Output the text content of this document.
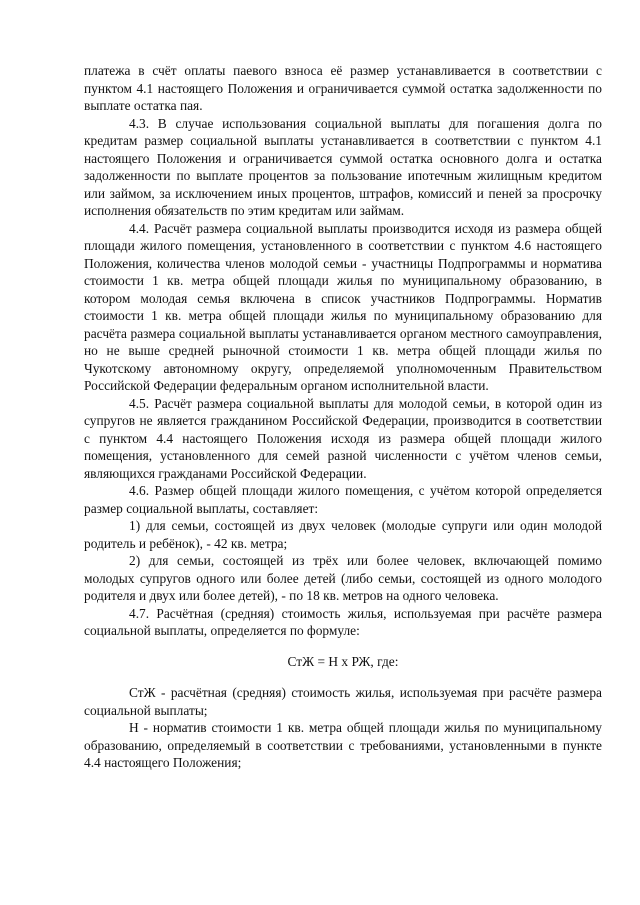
платежа в счёт оплаты паевого взноса её размер устанавливается в соответствии с пунктом 4.1 настоящего Положения и ограничивается суммой остатка задолженности по выплате остатка пая.

4.3. В случае использования социальной выплаты для погашения долга по кредитам размер социальной выплаты устанавливается в соответствии с пунктом 4.1 настоящего Положения и ограничивается суммой остатка основного долга и остатка задолженности по выплате процентов за пользование ипотечным жилищным кредитом или займом, за исключением иных процентов, штрафов, комиссий и пеней за просрочку исполнения обязательств по этим кредитам или займам.

4.4. Расчёт размера социальной выплаты производится исходя из размера общей площади жилого помещения, установленного в соответствии с пунктом 4.6 настоящего Положения, количества членов молодой семьи - участницы Подпрограммы и норматива стоимости 1 кв. метра общей площади жилья по муниципальному образованию, в котором молодая семья включена в список участников Подпрограммы. Норматив стоимости 1 кв. метра общей площади жилья по муниципальному образованию для расчёта размера социальной выплаты устанавливается органом местного самоуправления, но не выше средней рыночной стоимости 1 кв. метра общей площади жилья по Чукотскому автономному округу, определяемой уполномоченным Правительством Российской Федерации федеральным органом исполнительной власти.

4.5. Расчёт размера социальной выплаты для молодой семьи, в которой один из супругов не является гражданином Российской Федерации, производится в соответствии с пунктом 4.4 настоящего Положения исходя из размера общей площади жилого помещения, установленного для семей разной численности с учётом членов семьи, являющихся гражданами Российской Федерации.

4.6. Размер общей площади жилого помещения, с учётом которой определяется размер социальной выплаты, составляет:

1) для семьи, состоящей из двух человек (молодые супруги или один молодой родитель и ребёнок), - 42 кв. метра;

2) для семьи, состоящей из трёх или более человек, включающей помимо молодых супругов одного или более детей (либо семьи, состоящей из одного молодого родителя и двух или более детей), - по 18 кв. метров на одного человека.

4.7. Расчётная (средняя) стоимость жилья, используемая при расчёте размера социальной выплаты, определяется по формуле:

СтЖ = Н х РЖ, где:

СтЖ - расчётная (средняя) стоимость жилья, используемая при расчёте размера социальной выплаты;

Н - норматив стоимости 1 кв. метра общей площади жилья по муниципальному образованию, определяемый в соответствии с требованиями, установленными в пункте 4.4 настоящего Положения;
